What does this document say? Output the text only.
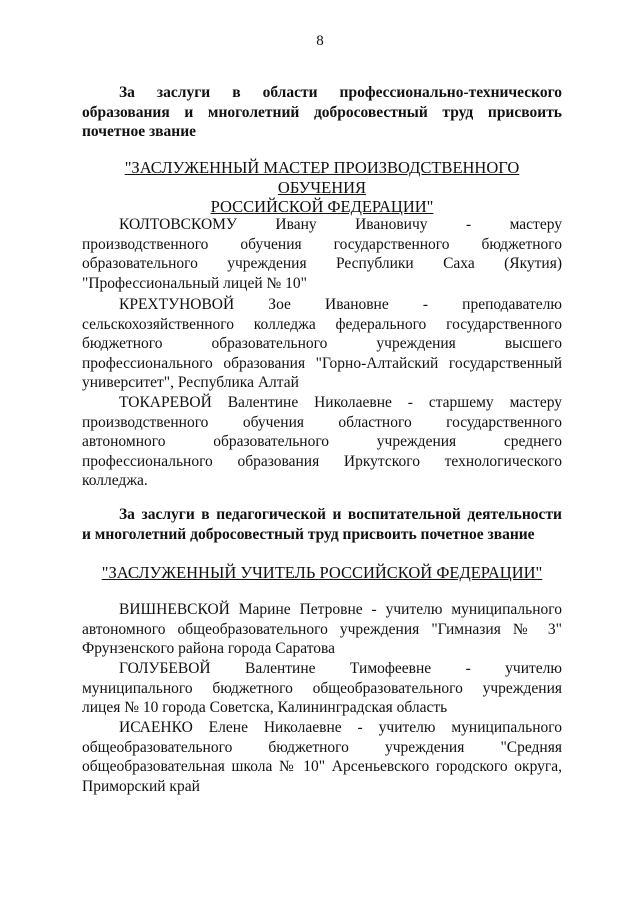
8

За заслуги в области профессионально-технического

образования и многолетний добросовестный труд присвоить

почетное звание

"ЗАСЛУЖЕННЫЙ МАСТЕР ПРОИЗВОДСТВЕННОГО ОБУЧЕНИЯ
РОССИЙСКОЙ ФЕДЕРАЦИИ"

КОЛТОВСКОМУ Ивану Ивановичу - мастеру

производственного обучения государственного бюджетного

образовательного учреждения Республики Саха (Якутия)

"Профессиональный лицей № 10"

КРЕХТУНОВОЙ Зое Ивановне - преподавателю

сельскохозяйственного колледжа федерального государственного

бюджетного образовательного учреждения высшего

профессионального образования "Горно-Алтайский государственный

университет", Республика Алтай

ТОКАРЕВОЙ Валентине Николаевне - старшему мастеру

производственного обучения областного государственного

автономного образовательного учреждения среднего

профессионального образования Иркутского технологического

колледжа.

За заслуги в педагогической и воспитательной деятельности

и многолетний добросовестный труд присвоить почетное звание

"ЗАСЛУЖЕННЫЙ УЧИТЕЛЬ РОССИЙСКОЙ ФЕДЕРАЦИИ"

ВИШНЕВСКОЙ Марине Петровне - учителю муниципального

автономного общеобразовательного учреждения "Гимназия № 3"

Фрунзенского района города Саратова

ГОЛУБЕВОЙ Валентине Тимофеевне - учителю

муниципального бюджетного общеобразовательного учреждения

лицея № 10 города Советска, Калининградская область

ИСАЕНКО Елене Николаевне - учителю муниципального

общеобразовательного бюджетного учреждения "Средняя

общеобразовательная школа № 10" Арсеньевского городского округа,

Приморский край
